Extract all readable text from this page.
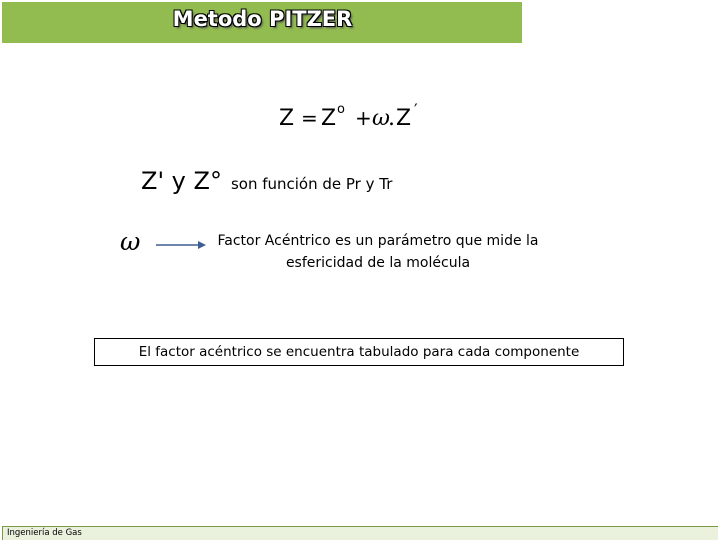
Metodo PITZER
Z = Z o + ω
. Z ′
Z' y Z° son función de Pr y Tr
ω	Factor Acéntrico es un parámetro que mide la
esfericidad de la molécula
El factor acéntrico se encuentra tabulado para cada componente
Ingeniería de Gas
